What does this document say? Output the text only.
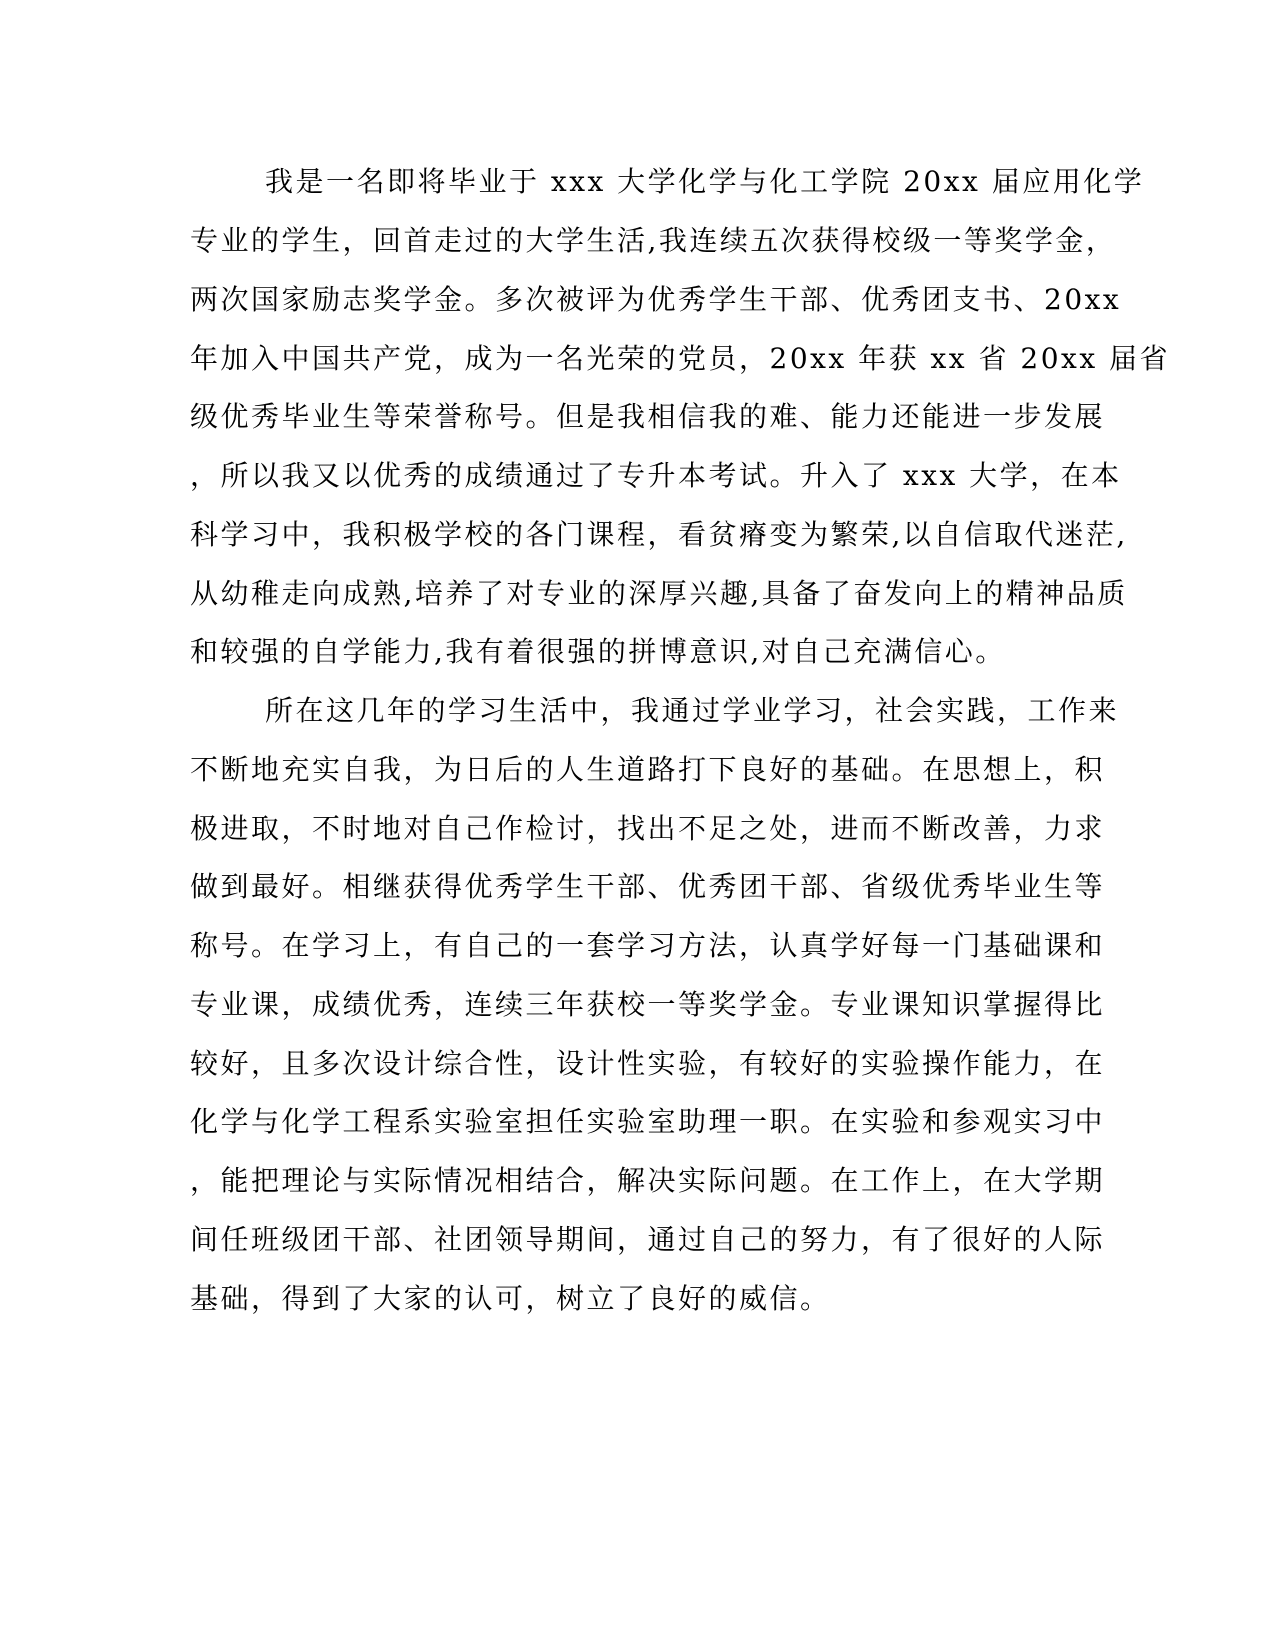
我是一名即将毕业于 xxx 大学化学与化工学院 20xx 届应用化学
专业的学生，回首走过的大学生活,我连续五次获得校级一等奖学金，
两次国家励志奖学金。多次被评为优秀学生干部、优秀团支书、20xx
年加入中国共产党，成为一名光荣的党员，20xx 年获 xx 省 20xx 届省
级优秀毕业生等荣誉称号。但是我相信我的难、能力还能进一步发展
，所以我又以优秀的成绩通过了专升本考试。升入了 xxx 大学，在本
科学习中，我积极学校的各门课程，看贫瘠变为繁荣,以自信取代迷茫,
从幼稚走向成熟,培养了对专业的深厚兴趣,具备了奋发向上的精神品质
和较强的自学能力,我有着很强的拼博意识,对自己充满信心。
所在这几年的学习生活中，我通过学业学习，社会实践，工作来
不断地充实自我，为日后的人生道路打下良好的基础。在思想上，积
极进取，不时地对自己作检讨，找出不足之处，进而不断改善，力求
做到最好。相继获得优秀学生干部、优秀团干部、省级优秀毕业生等
称号。在学习上，有自己的一套学习方法，认真学好每一门基础课和
专业课，成绩优秀，连续三年获校一等奖学金。专业课知识掌握得比
较好，且多次设计综合性，设计性实验，有较好的实验操作能力，在
化学与化学工程系实验室担任实验室助理一职。在实验和参观实习中
，能把理论与实际情况相结合，解决实际问题。在工作上，在大学期
间任班级团干部、社团领导期间，通过自己的努力，有了很好的人际
基础，得到了大家的认可，树立了良好的威信。
